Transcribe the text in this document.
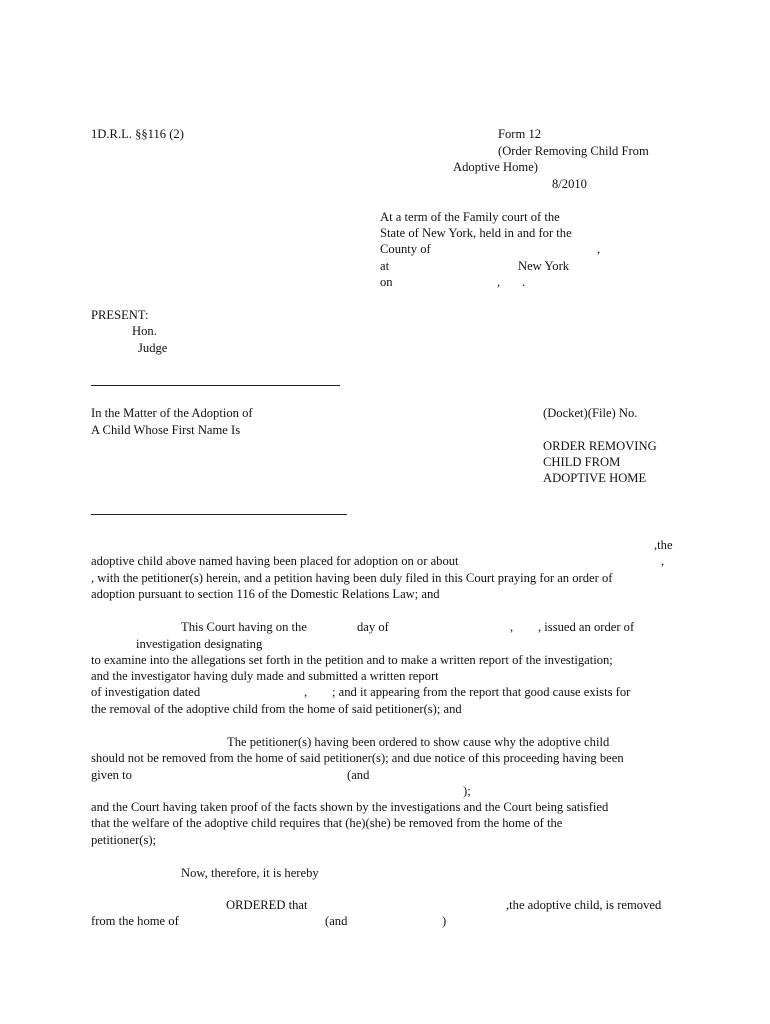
1D.R.L. §§116 (2)	Form 12
(Order Removing Child From
Adoptive Home)
8/2010
At a term of the Family court of the
State of New York, held in and for the
County of	,
at	New York
on	, .
PRESENT:
Hon.
Judge
In the Matter of the Adoption of
A Child Whose First Name Is
(Docket)(File) No.
ORDER REMOVING
CHILD FROM
ADOPTIVE HOME
,the
adoptive child above named having been placed for adoption on or about	,
, with the petitioner(s) herein, and a petition having been duly filed in this Court praying for an order of
adoption pursuant to section 116 of the Domestic Relations Law; and
This Court having on the	day of	, , issued an order of
investigation designating
to examine into the allegations set forth in the petition and to make a written report of the investigation;
and the investigator having duly made and submitted a written report
of investigation dated	, ; and it appearing from the report that good cause exists for
the removal of the adoptive child from the home of said petitioner(s); and
The petitioner(s) having been ordered to show cause why the adoptive child
should not be removed from the home of said petitioner(s); and due notice of this proceeding having been
given to	(and
);
and the Court having taken proof of the facts shown by the investigations and the Court being satisfied
that the welfare of the adoptive child requires that (he)(she) be removed from the home of the
petitioner(s);
Now, therefore, it is hereby
ORDERED that	,the adoptive child, is removed
from the home of	(and	)
